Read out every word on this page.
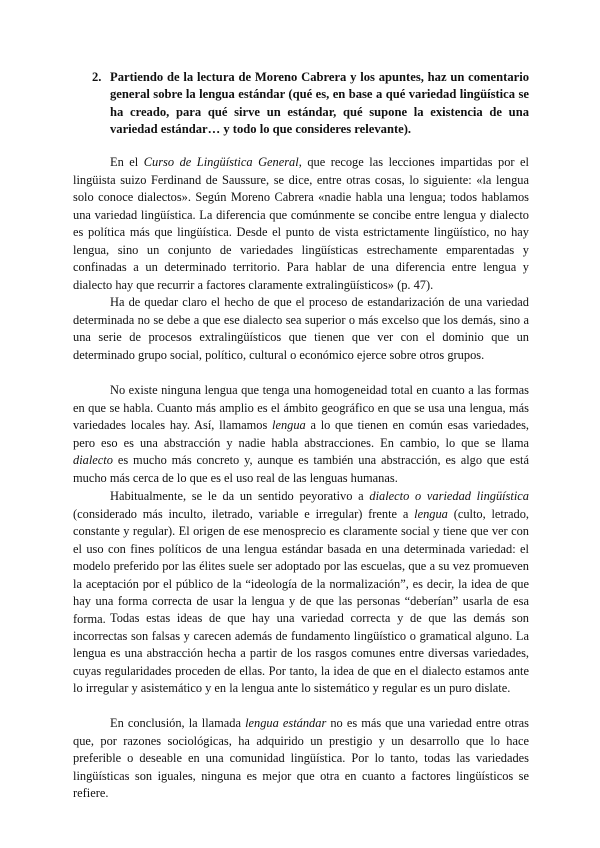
2. Partiendo de la lectura de Moreno Cabrera y los apuntes, haz un comentario general sobre la lengua estándar (qué es, en base a qué variedad lingüística se ha creado, para qué sirve un estándar, qué supone la existencia de una variedad estándar… y todo lo que consideres relevante).

En el Curso de Lingüística General, que recoge las lecciones impartidas por el lingüista suizo Ferdinand de Saussure, se dice, entre otras cosas, lo siguiente: «la lengua solo conoce dialectos». Según Moreno Cabrera «nadie habla una lengua; todos hablamos una variedad lingüística. La diferencia que comúnmente se concibe entre lengua y dialecto es política más que lingüística. Desde el punto de vista estrictamente lingüístico, no hay lengua, sino un conjunto de variedades lingüísticas estrechamente emparentadas y confinadas a un determinado territorio. Para hablar de una diferencia entre lengua y dialecto hay que recurrir a factores claramente extralingüísticos» (p. 47).

Ha de quedar claro el hecho de que el proceso de estandarización de una variedad determinada no se debe a que ese dialecto sea superior o más excelso que los demás, sino a una serie de procesos extralingüísticos que tienen que ver con el dominio que un determinado grupo social, político, cultural o económico ejerce sobre otros grupos.

No existe ninguna lengua que tenga una homogeneidad total en cuanto a las formas en que se habla. Cuanto más amplio es el ámbito geográfico en que se usa una lengua, más variedades locales hay. Así, llamamos lengua a lo que tienen en común esas variedades, pero eso es una abstracción y nadie habla abstracciones. En cambio, lo que se llama dialecto es mucho más concreto y, aunque es también una abstracción, es algo que está mucho más cerca de lo que es el uso real de las lenguas humanas.

Habitualmente, se le da un sentido peyorativo a dialecto o variedad lingüística (considerado más inculto, iletrado, variable e irregular) frente a lengua (culto, letrado, constante y regular). El origen de ese menosprecio es claramente social y tiene que ver con el uso con fines políticos de una lengua estándar basada en una determinada variedad: el modelo preferido por las élites suele ser adoptado por las escuelas, que a su vez promueven la aceptación por el público de la “ideología de la normalización”, es decir, la idea de que hay una forma correcta de usar la lengua y de que las personas “deberían” usarla de esa forma. Todas estas ideas de que hay una variedad correcta y de que las demás son incorrectas son falsas y carecen además de fundamento lingüístico o gramatical alguno. La lengua es una abstracción hecha a partir de los rasgos comunes entre diversas variedades, cuyas regularidades proceden de ellas. Por tanto, la idea de que en el dialecto estamos ante lo irregular y asistemático y en la lengua ante lo sistemático y regular es un puro dislate.

En conclusión, la llamada lengua estándar no es más que una variedad entre otras que, por razones sociológicas, ha adquirido un prestigio y un desarrollo que lo hace preferible o deseable en una comunidad lingüística. Por lo tanto, todas las variedades lingüísticas son iguales, ninguna es mejor que otra en cuanto a factores lingüísticos se refiere.
